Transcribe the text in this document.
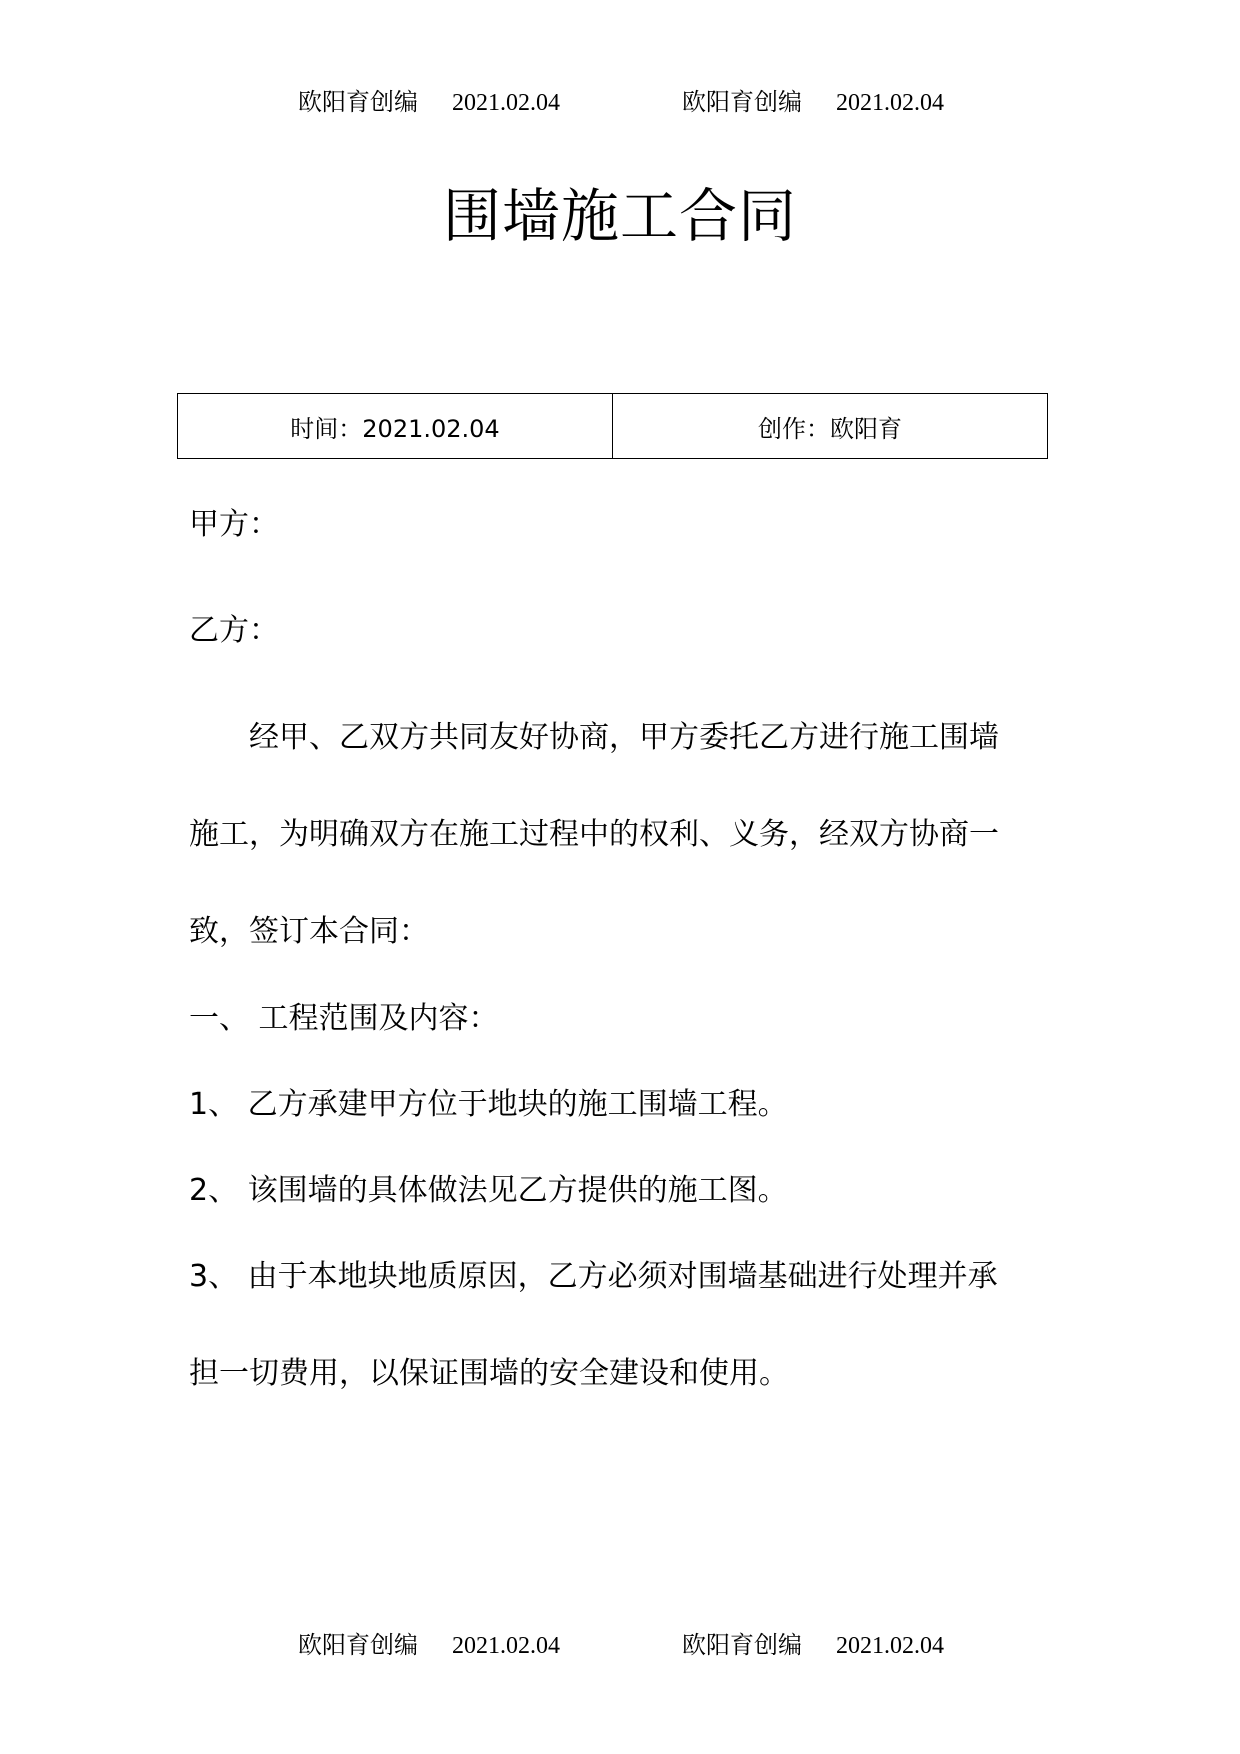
欧阳育创编 2021.02.04	欧阳育创编 2021.02.04
围墙施工合同
时间：2021.02.04	创作：欧阳育
甲方：
乙方：
　　经甲、乙双方共同友好协商，甲方委托乙方进行施工围墙
施工，为明确双方在施工过程中的权利、义务，经双方协商一
致，签订本合同：
一、 工程范围及内容：
1、 乙方承建甲方位于地块的施工围墙工程。
2、 该围墙的具体做法见乙方提供的施工图。
3、 由于本地块地质原因，乙方必须对围墙基础进行处理并承
担一切费用，以保证围墙的安全建设和使用。
欧阳育创编 2021.02.04	欧阳育创编 2021.02.04
